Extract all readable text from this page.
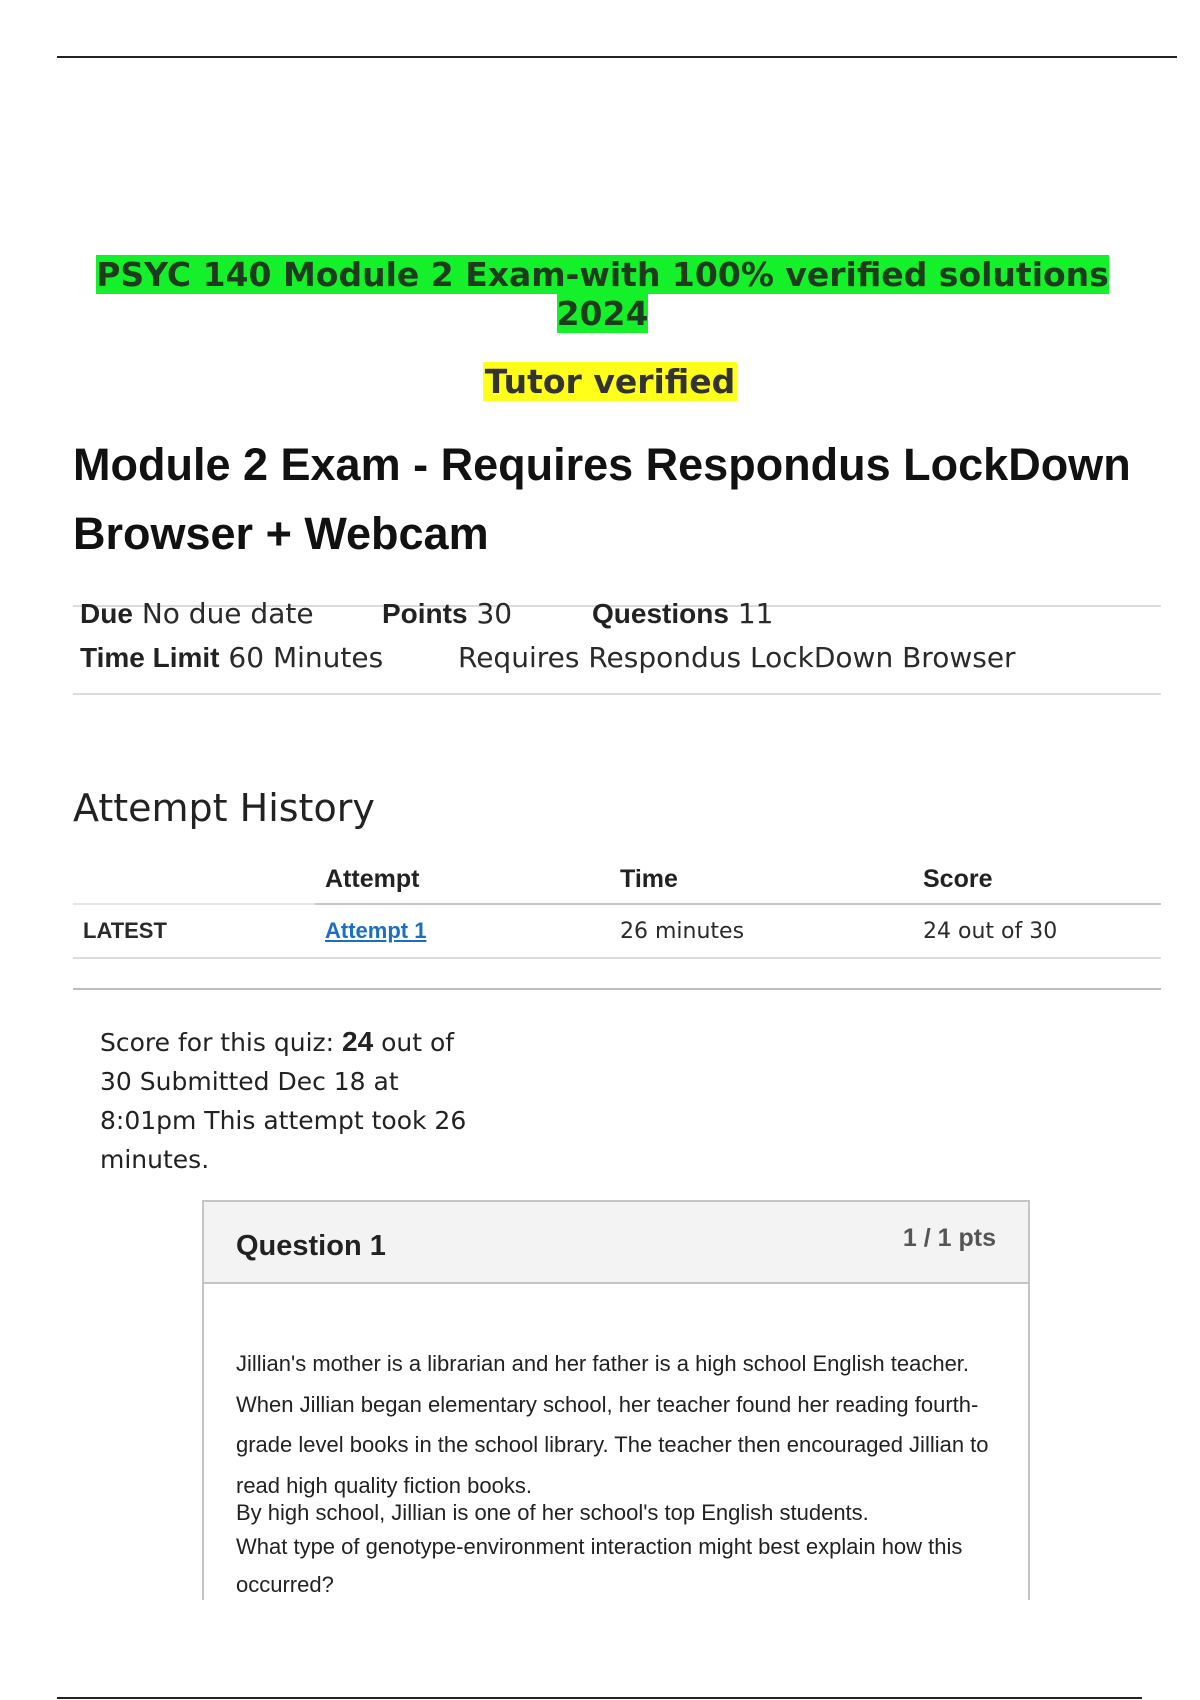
PSYC 140 Module 2 Exam-with 100% verified solutions
2024
Tutor verified
Module 2 Exam - Requires Respondus LockDown Browser + Webcam
Due No due date Points 30	Questions 11
Time Limit 60 Minutes	Requires Respondus LockDown Browser
Attempt History
	Attempt	Time	Score
LATEST	Attempt 1	26 minutes	24 out of 30
Score for this quiz: 24 out of 30 Submitted Dec 18 at 8:01pm This attempt took 26 minutes.
Question 1	1 / 1 pts

Jillian's mother is a librarian and her father is a high school English teacher. When Jillian began elementary school, her teacher found her reading fourth-grade level books in the school library. The teacher then encouraged Jillian to read high quality fiction books.

By high school, Jillian is one of her school's top English students.

What type of genotype-environment interaction might best explain how this occurred?
